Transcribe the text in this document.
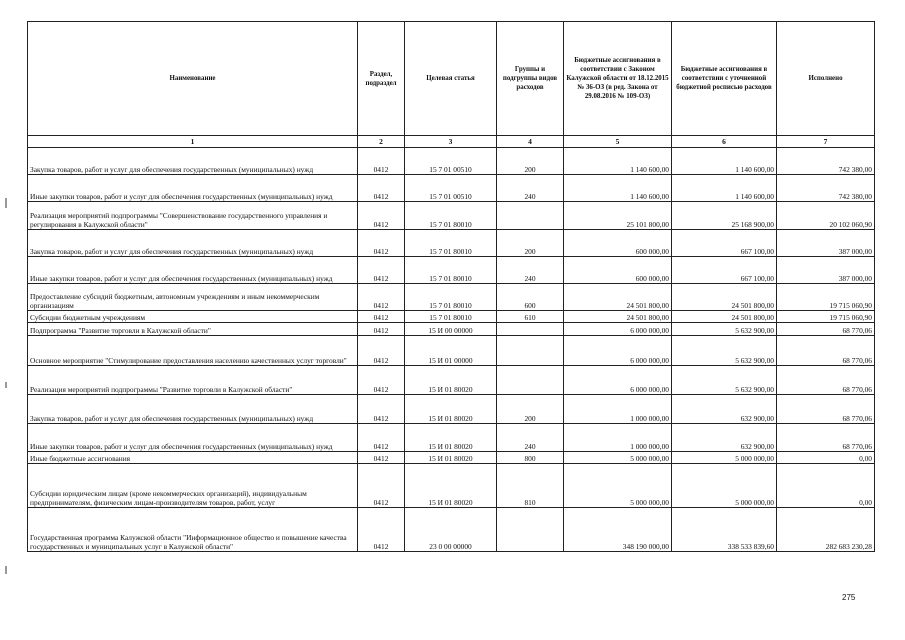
Наименование	Раздел, подраздел	Целевая статья	Группы и подгруппы видов расходов	Бюджетные ассигнования в соответствии с Законом Калужской области от 18.12.2015 № 36-ОЗ (в ред. Закона от 29.08.2016 № 109-ОЗ)	Бюджетные ассигнования в соответствии с уточненной бюджетной росписью расходов	Исполнено
1	2	3	4	5	6	7
Закупка товаров, работ и услуг для обеспечения государственных (муниципальных) нужд	0412	15 7 01 00510	200	1 140 600,00	1 140 600,00	742 380,00
Иные закупки товаров, работ и услуг для обеспечения государственных (муниципальных) нужд	0412	15 7 01 00510	240	1 140 600,00	1 140 600,00	742 380,00
Реализация мероприятий подпрограммы "Совершенствование государственного управления и регулирования в Калужской области"	0412	15 7 01 80010		25 101 800,00	25 168 900,00	20 102 060,90
Закупка товаров, работ и услуг для обеспечения государственных (муниципальных) нужд	0412	15 7 01 80010	200	600 000,00	667 100,00	387 000,00
Иные закупки товаров, работ и услуг для обеспечения государственных (муниципальных) нужд	0412	15 7 01 80010	240	600 000,00	667 100,00	387 000,00
Предоставление субсидий бюджетным, автономным учреждениям и иным некоммерческим организациям	0412	15 7 01 80010	600	24 501 800,00	24 501 800,00	19 715 060,90
Субсидии бюджетным учреждениям	0412	15 7 01 80010	610	24 501 800,00	24 501 800,00	19 715 060,90
Подпрограмма "Развитие торговли в Калужской области"	0412	15 И 00 00000		6 000 000,00	5 632 900,00	68 770,06
Основное мероприятие "Стимулирование предоставления населению качественных услуг торговли"	0412	15 И 01 00000		6 000 000,00	5 632 900,00	68 770,06
Реализация мероприятий подпрограммы "Развитие торговли в Калужской области"	0412	15 И 01 80020		6 000 000,00	5 632 900,00	68 770,06
Закупка товаров, работ и услуг для обеспечения государственных (муниципальных) нужд	0412	15 И 01 80020	200	1 000 000,00	632 900,00	68 770,06
Иные закупки товаров, работ и услуг для обеспечения государственных (муниципальных) нужд	0412	15 И 01 80020	240	1 000 000,00	632 900,00	68 770,06
Иные бюджетные ассигнования	0412	15 И 01 80020	800	5 000 000,00	5 000 000,00	0,00
Субсидии юридическим лицам (кроме некоммерческих организаций), индивидуальным предпринимателям, физическим лицам-производителям товаров, работ, услуг	0412	15 И 01 80020	810	5 000 000,00	5 000 000,00	0,00
Государственная программа Калужской области "Информационное общество и повышение качества государственных и муниципальных услуг в Калужской области"	0412	23 0 00 00000		348 190 000,00	338 533 839,60	282 683 230,28
275
